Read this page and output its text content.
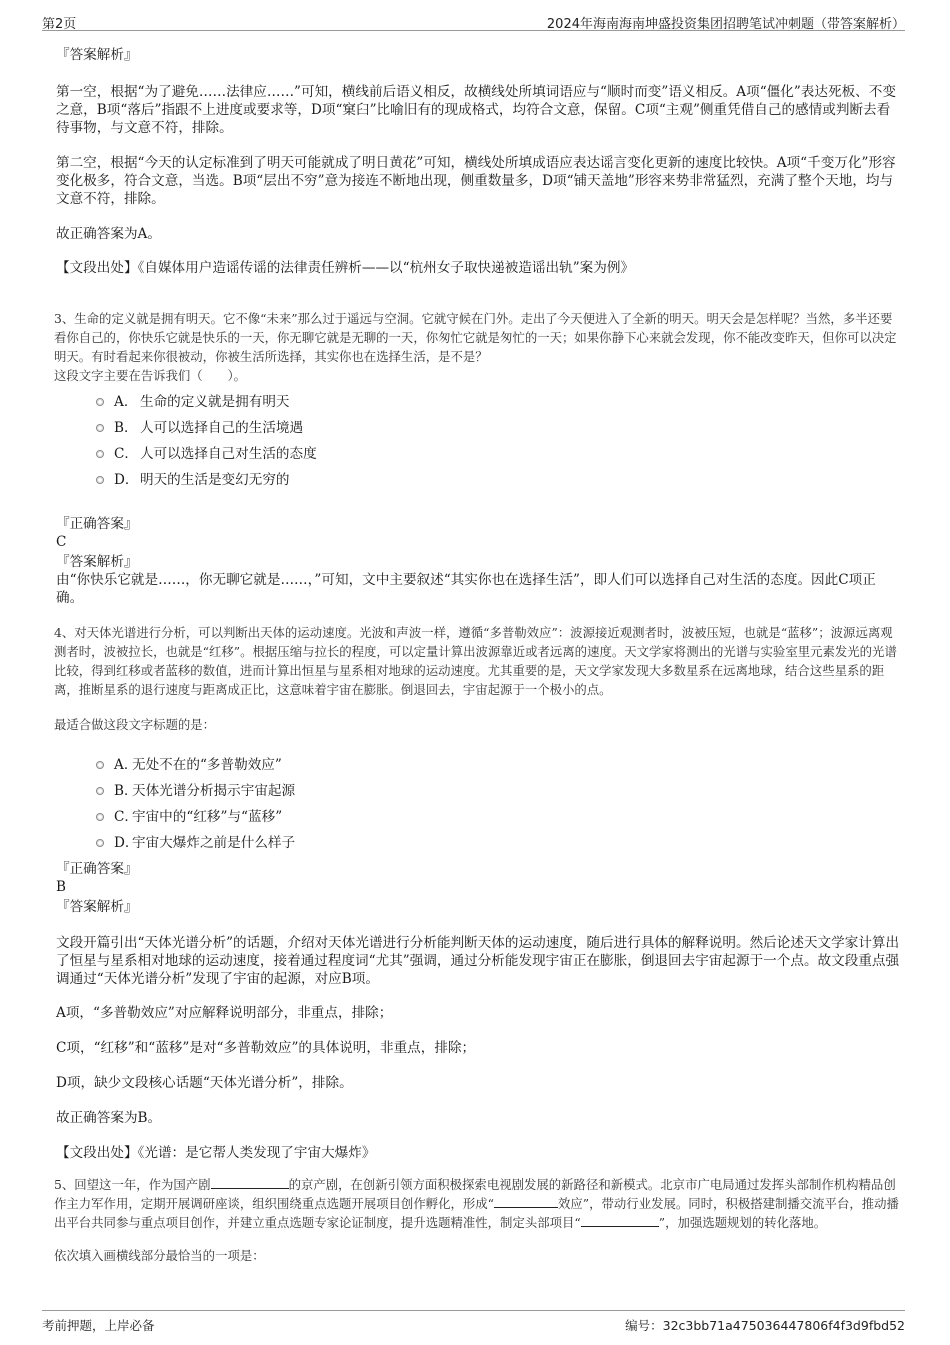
第2页	2024年海南海南坤盛投资集团招聘笔试冲刺题（带答案解析）

『答案解析』

第一空，根据“为了避免……法律应……”可知，横线前后语义相反，故横线处所填词语应与“顺时而变”语义相反。A项“僵化”表达死板、不变之意，B项“落后”指跟不上进度或要求等，D项“窠臼”比喻旧有的现成格式，均符合文意，保留。C项“主观”侧重凭借自己的感情或判断去看待事物，与文意不符，排除。

第二空，根据“今天的认定标准到了明天可能就成了明日黄花”可知，横线处所填成语应表达谣言变化更新的速度比较快。A项“千变万化”形容变化极多，符合文意，当选。B项“层出不穷”意为接连不断地出现，侧重数量多，D项“铺天盖地”形容来势非常猛烈，充满了整个天地，均与文意不符，排除。

故正确答案为A。

【文段出处】《自媒体用户造谣传谣的法律责任辨析——以“杭州女子取快递被造谣出轨”案为例》

3、生命的定义就是拥有明天。它不像“未来”那么过于遥远与空洞。它就守候在门外。走出了今天便进入了全新的明天。明天会是怎样呢？当然，多半还要看你自己的，你快乐它就是快乐的一天，你无聊它就是无聊的一天，你匆忙它就是匆忙的一天；如果你静下心来就会发现，你不能改变昨天，但你可以决定明天。有时看起来你很被动，你被生活所选择，其实你也在选择生活，是不是？

这段文字主要在告诉我们（　　）。

A． 生命的定义就是拥有明天
B． 人可以选择自己的生活境遇
C． 人可以选择自己对生活的态度
D． 明天的生活是变幻无穷的

『正确答案』

C

『答案解析』

由“你快乐它就是……，你无聊它就是……，”可知，文中主要叙述“其实你也在选择生活”，即人们可以选择自己对生活的态度。因此C项正确。

4、对天体光谱进行分析，可以判断出天体的运动速度。光波和声波一样，遵循“多普勒效应”：波源接近观测者时，波被压短，也就是“蓝移”；波源远离观测者时，波被拉长，也就是“红移”。根据压缩与拉长的程度，可以定量计算出波源靠近或者远离的速度。天文学家将测出的光谱与实验室里元素发光的光谱比较，得到红移或者蓝移的数值，进而计算出恒星与星系相对地球的运动速度。尤其重要的是，天文学家发现大多数星系在远离地球，结合这些星系的距离，推断星系的退行速度与距离成正比，这意味着宇宙在膨胀。倒退回去，宇宙起源于一个极小的点。

最适合做这段文字标题的是：

A．无处不在的“多普勒效应”
B．天体光谱分析揭示宇宙起源
C．宇宙中的“红移”与“蓝移”
D．宇宙大爆炸之前是什么样子

『正确答案』

B

『答案解析』

文段开篇引出“天体光谱分析”的话题，介绍对天体光谱进行分析能判断天体的运动速度，随后进行具体的解释说明。然后论述天文学家计算出了恒星与星系相对地球的运动速度，接着通过程度词“尤其”强调，通过分析能发现宇宙正在膨胀，倒退回去宇宙起源于一个点。故文段重点强调通过“天体光谱分析”发现了宇宙的起源，对应B项。

A项，“多普勒效应”对应解释说明部分，非重点，排除；

C项，“红移”和“蓝移”是对“多普勒效应”的具体说明，非重点，排除；

D项，缺少文段核心话题“天体光谱分析”，排除。

故正确答案为B。

【文段出处】《光谱：是它帮人类发现了宇宙大爆炸》

5、回望这一年，作为国产剧	的京产剧，在创新引领方面积极探索电视剧发展的新路径和新模式。北京市广电局通过发挥头部制作机构精品创作主力军作用，定期开展调研座谈，组织围绕重点选题开展项目创作孵化，形成“	效应”，带动行业发展。同时，积极搭建制播交流平台，推动播出平台共同参与重点项目创作，并建立重点选题专家论证制度，提升选题精准性，制定头部项目“	”，加强选题规划的转化落地。

依次填入画横线部分最恰当的一项是：

考前押题，上岸必备	编号：32c3bb71a475036447806f4f3d9fbd52
